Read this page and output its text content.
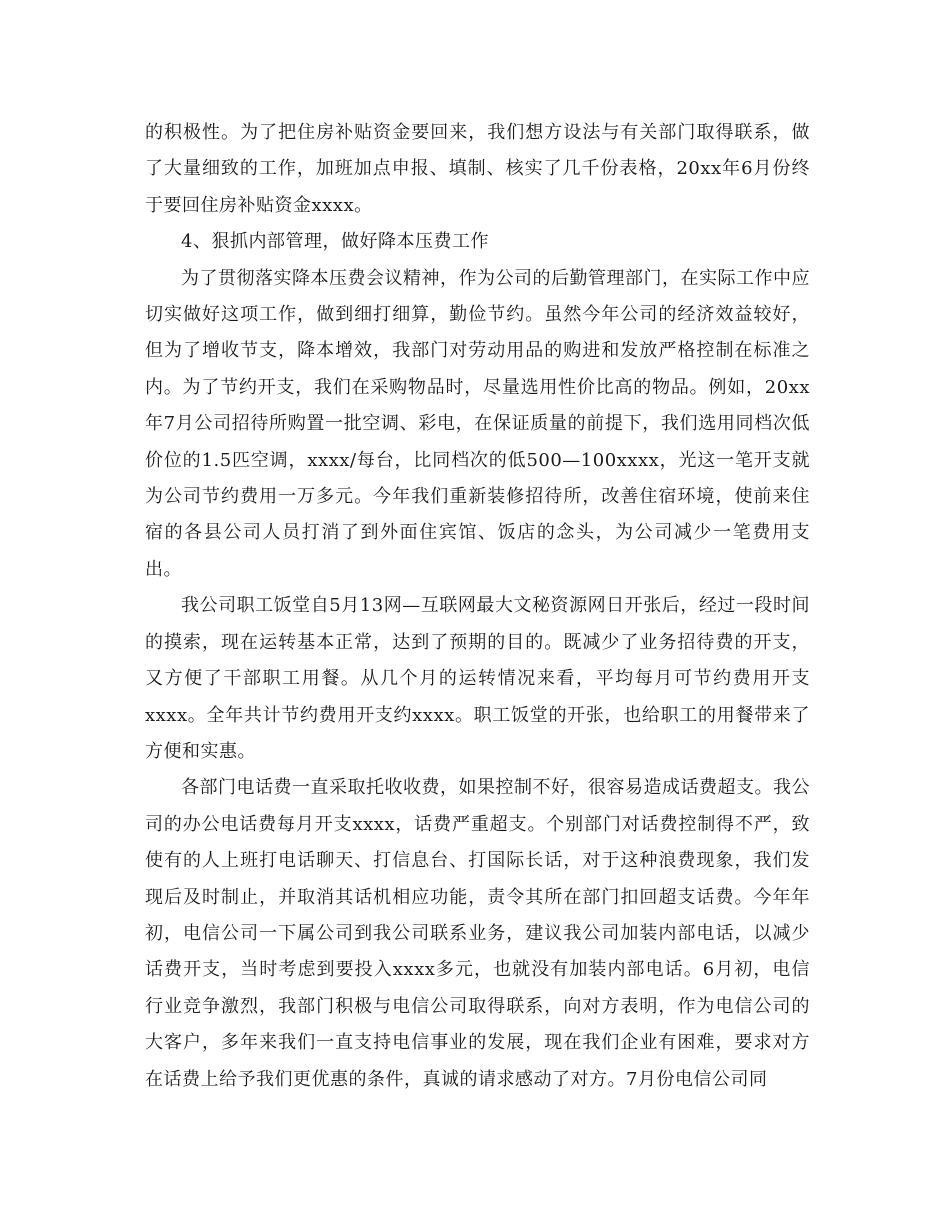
的积极性。为了把住房补贴资金要回来，我们想方设法与有关部门取得联系，做了大量细致的工作，加班加点申报、填制、核实了几千份表格，20xx年6月份终于要回住房补贴资金xxxx。

4、狠抓内部管理，做好降本压费工作

为了贯彻落实降本压费会议精神，作为公司的后勤管理部门，在实际工作中应切实做好这项工作，做到细打细算，勤俭节约。虽然今年公司的经济效益较好，但为了增收节支，降本增效，我部门对劳动用品的购进和发放严格控制在标准之内。为了节约开支，我们在采购物品时，尽量选用性价比高的物品。例如，20xx年7月公司招待所购置一批空调、彩电，在保证质量的前提下，我们选用同档次低价位的1.5匹空调，xxxx/每台，比同档次的低500—100xxxx，光这一笔开支就为公司节约费用一万多元。今年我们重新装修招待所，改善住宿环境，使前来住宿的各县公司人员打消了到外面住宾馆、饭店的念头，为公司减少一笔费用支出。

我公司职工饭堂自5月13网—互联网最大文秘资源网日开张后，经过一段时间的摸索，现在运转基本正常，达到了预期的目的。既减少了业务招待费的开支，又方便了干部职工用餐。从几个月的运转情况来看，平均每月可节约费用开支xxxx。全年共计节约费用开支约xxxx。职工饭堂的开张，也给职工的用餐带来了方便和实惠。

各部门电话费一直采取托收收费，如果控制不好，很容易造成话费超支。我公司的办公电话费每月开支xxxx，话费严重超支。个别部门对话费控制得不严，致使有的人上班打电话聊天、打信息台、打国际长话，对于这种浪费现象，我们发现后及时制止，并取消其话机相应功能，责令其所在部门扣回超支话费。今年年初，电信公司一下属公司到我公司联系业务，建议我公司加装内部电话，以减少话费开支，当时考虑到要投入xxxx多元，也就没有加装内部电话。6月初，电信行业竞争激烈，我部门积极与电信公司取得联系，向对方表明，作为电信公司的大客户，多年来我们一直支持电信事业的发展，现在我们企业有困难，要求对方在话费上给予我们更优惠的条件，真诚的请求感动了对方。7月份电信公司同
